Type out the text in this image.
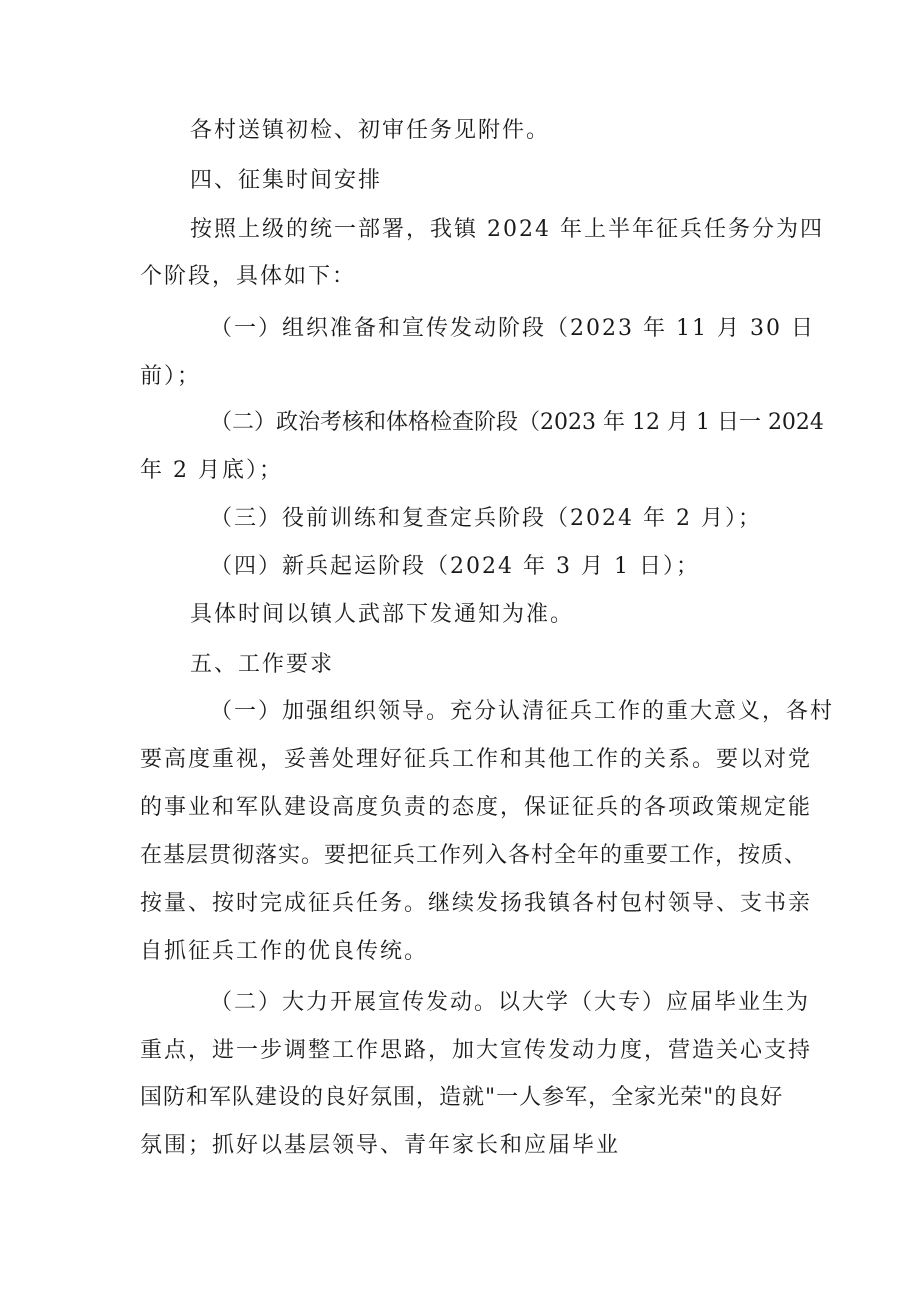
各村送镇初检、初审任务见附件。
四、征集时间安排
按照上级的统一部署，我镇 2024 年上半年征兵任务分为四
个阶段，具体如下：
（一）组织准备和宣传发动阶段（2023 年 11 月 30 日
前）；
（二）政治考核和体格检查阶段（2023 年 12 月 1 日一 2024
年 2 月底）；
（三）役前训练和复查定兵阶段（2024 年 2 月）；
（四）新兵起运阶段（2024 年 3 月 1 日）；
具体时间以镇人武部下发通知为准。
五、工作要求
（一）加强组织领导。充分认清征兵工作的重大意义，各村
要高度重视，妥善处理好征兵工作和其他工作的关系。要以对党
的事业和军队建设高度负责的态度，保证征兵的各项政策规定能
在基层贯彻落实。要把征兵工作列入各村全年的重要工作，按质、
按量、按时完成征兵任务。继续发扬我镇各村包村领导、支书亲
自抓征兵工作的优良传统。
（二）大力开展宣传发动。以大学（大专）应届毕业生为
重点，进一步调整工作思路，加大宣传发动力度，营造关心支持
国防和军队建设的良好氛围，造就"一人参军，全家光荣"的良好
氛围；抓好以基层领导、青年家长和应届毕业
